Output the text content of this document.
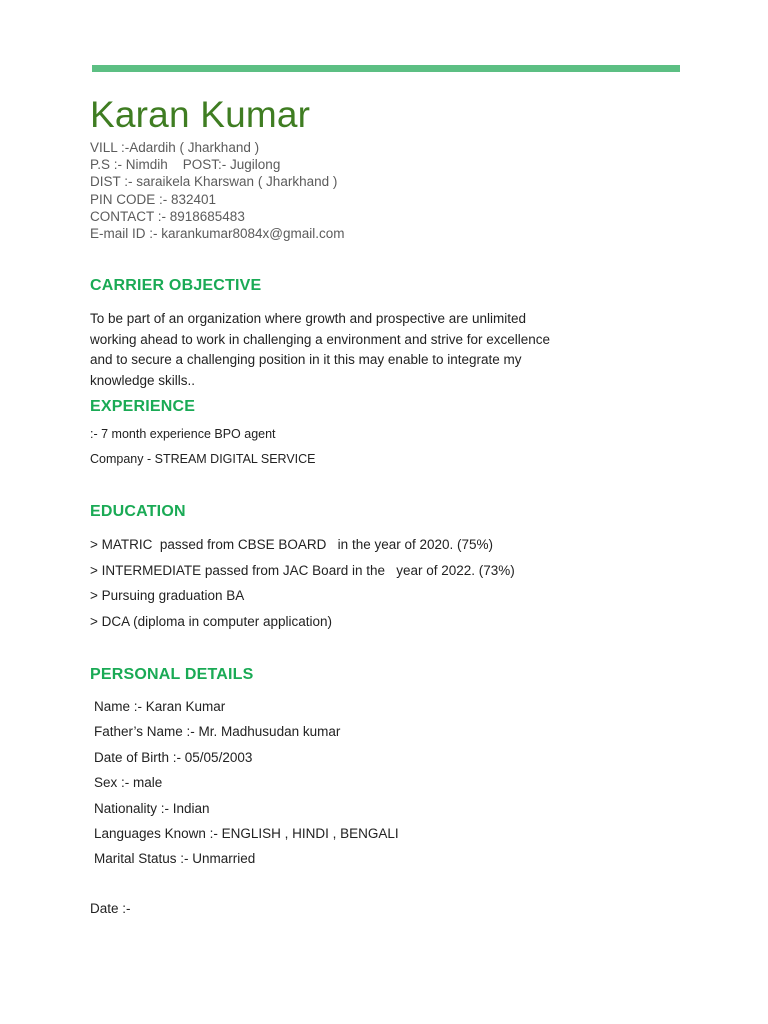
Karan Kumar
VILL :-Adardih ( Jharkhand )
P.S :- Nimdih    POST:- Jugilong
DIST :- saraikela Kharswan ( Jharkhand )
PIN CODE :- 832401
CONTACT :- 8918685483
E-mail ID :- karankumar8084x@gmail.com
CARRIER OBJECTIVE
To be part of an organization where growth and prospective are unlimited working ahead to work in challenging a environment and strive for excellence and to secure a challenging position in it this may enable to integrate my knowledge skills..
EXPERIENCE
:- 7 month experience BPO agent
Company - STREAM DIGITAL SERVICE
EDUCATION
> MATRIC  passed from CBSE BOARD   in the year of 2020. (75%)
> INTERMEDIATE passed from JAC Board in the   year of 2022. (73%)
> Pursuing graduation BA
> DCA (diploma in computer application)
PERSONAL DETAILS
Name :- Karan Kumar
Father’s Name :- Mr. Madhusudan kumar
Date of Birth :- 05/05/2003
Sex :- male
Nationality :- Indian
Languages Known :- ENGLISH , HINDI , BENGALI
Marital Status :- Unmarried
Date :-
